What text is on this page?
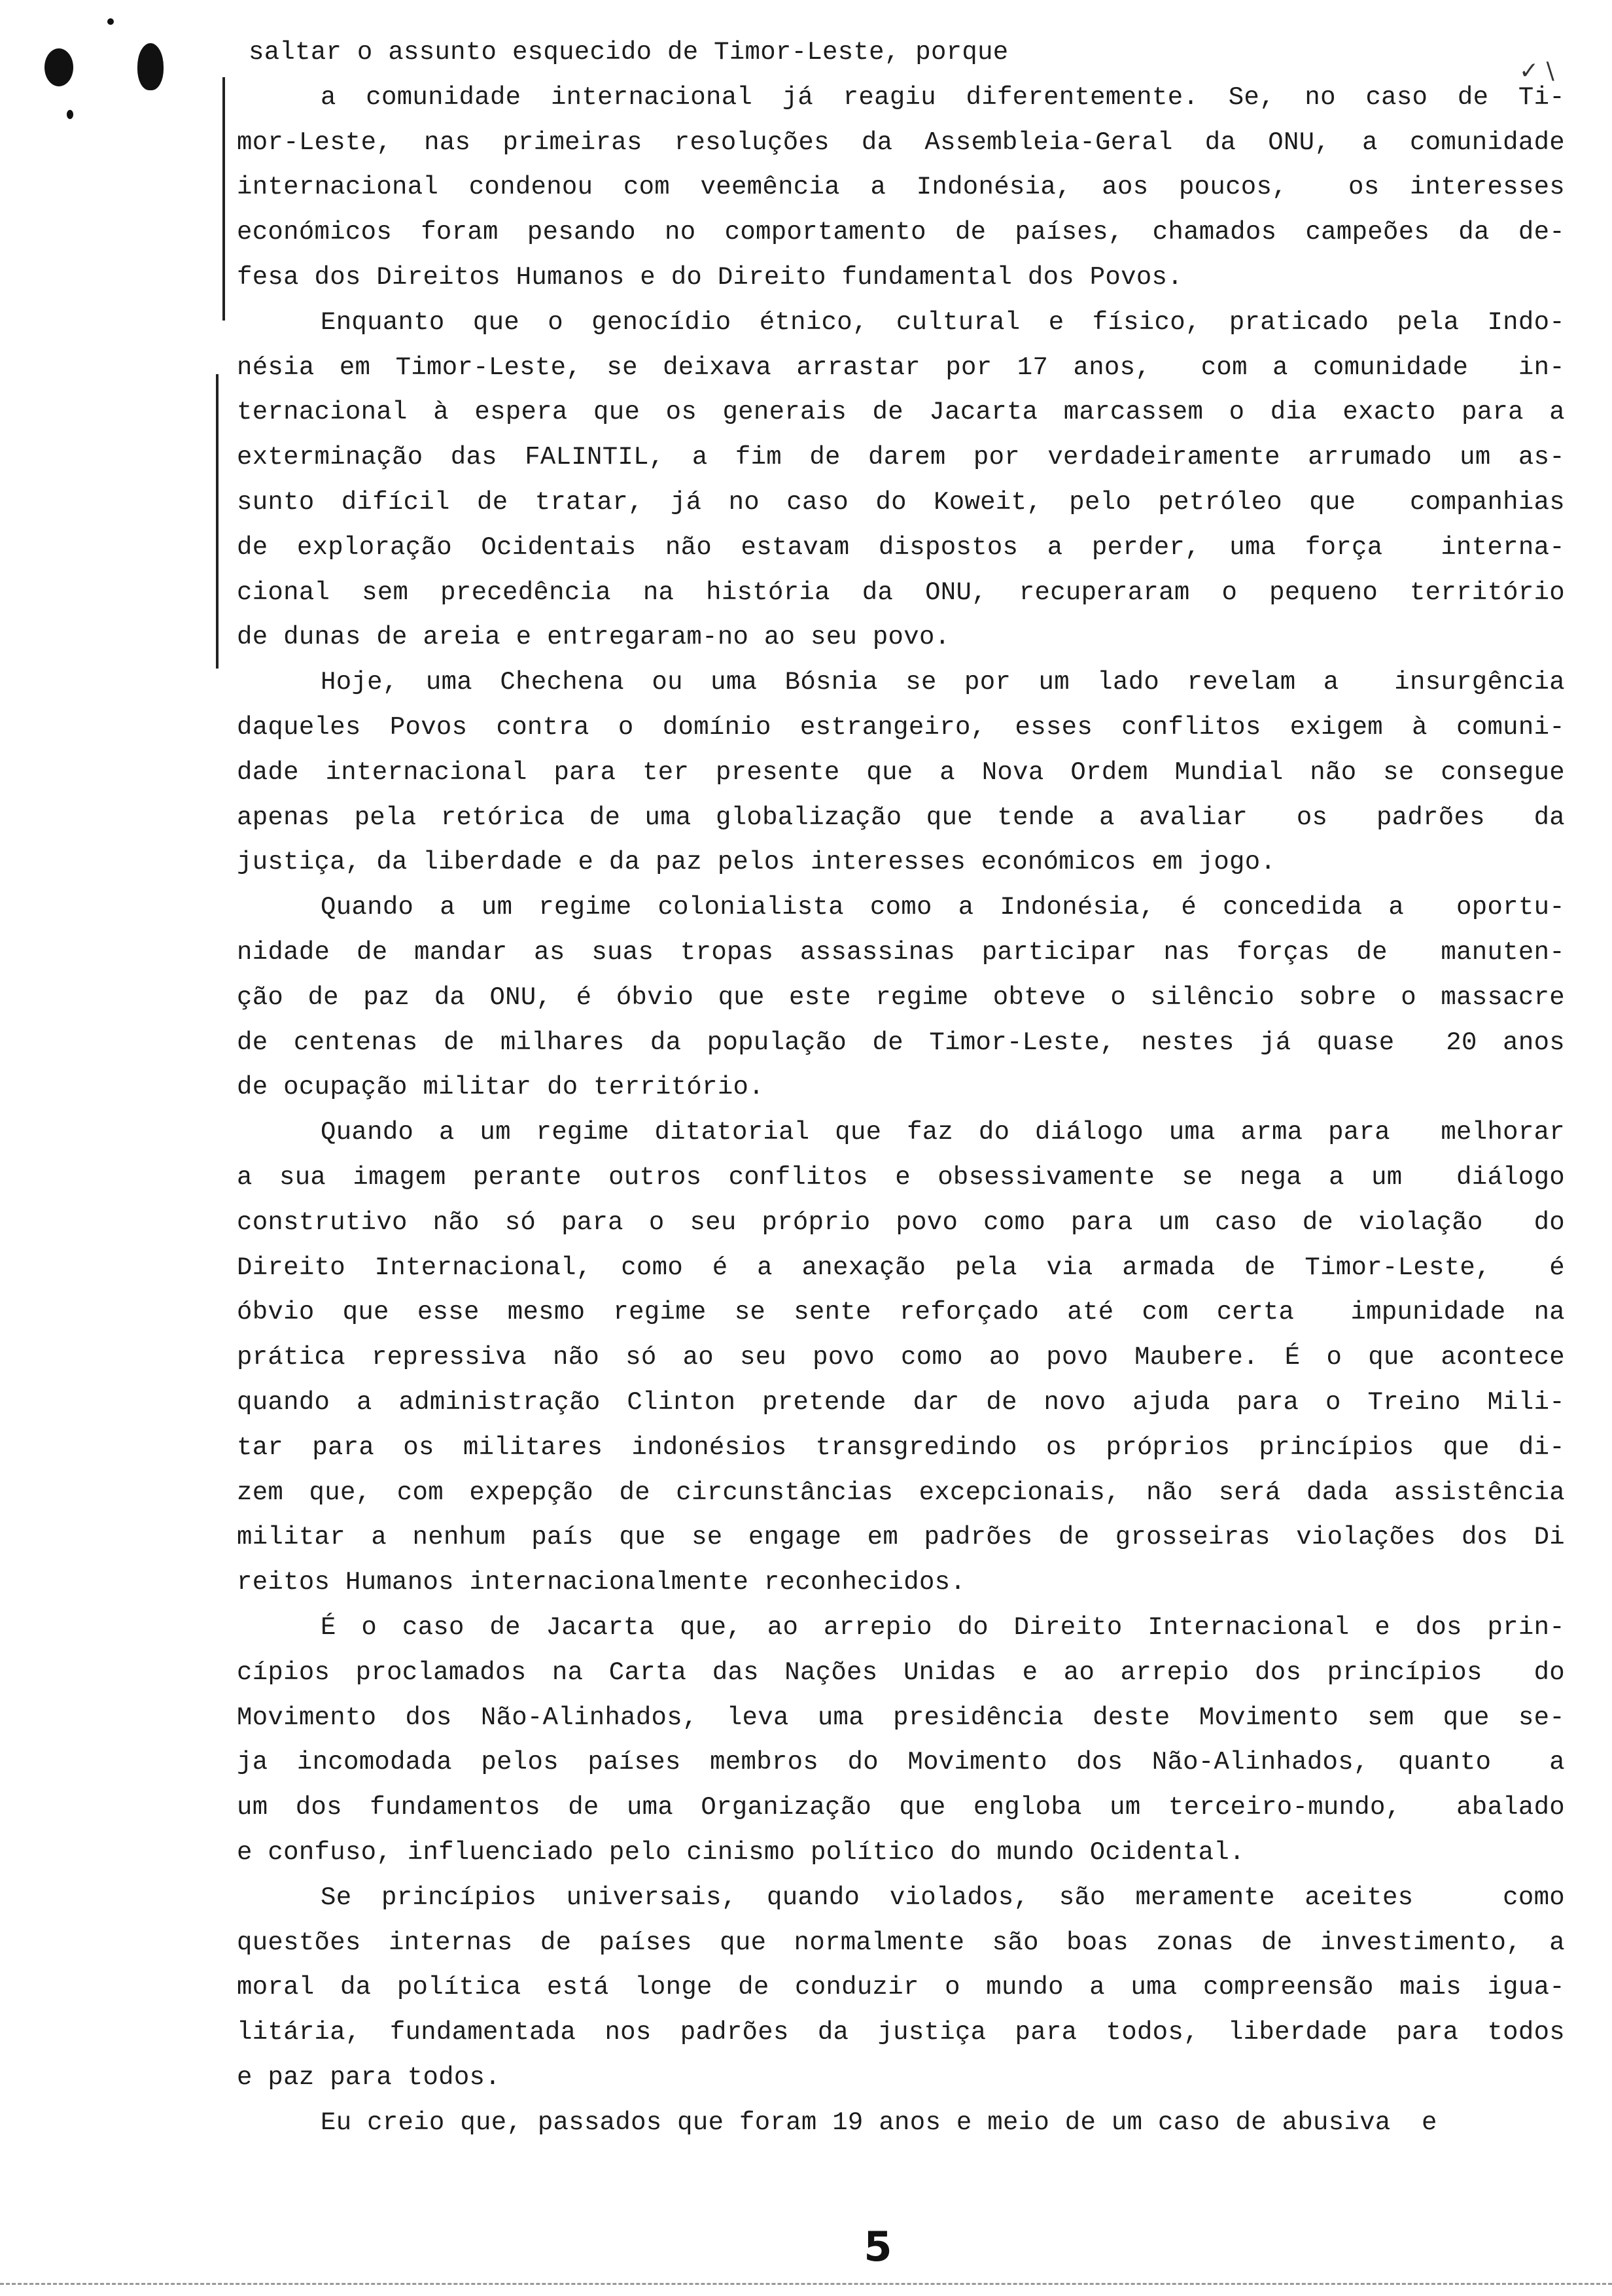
✓ \
saltar o assunto esquecido de Timor-Leste, porque
a comunidade internacional já reagiu diferentemente. Se, no caso de Ti-
mor-Leste, nas primeiras resoluções da Assembleia-Geral da ONU, a comunidade
internacional condenou com veemência a Indonésia, aos poucos,  os interesses
económicos foram pesando no comportamento de países, chamados campeões da de-
fesa dos Direitos Humanos e do Direito fundamental dos Povos.
Enquanto que o genocídio étnico, cultural e físico, praticado pela Indo-
nésia em Timor-Leste, se deixava arrastar por 17 anos,  com a comunidade  in-
ternacional à espera que os generais de Jacarta marcassem o dia exacto para a
exterminação das FALINTIL, a fim de darem por verdadeiramente arrumado um as-
sunto difícil de tratar, já no caso do Koweit, pelo petróleo que  companhias
de exploração Ocidentais não estavam dispostos a perder, uma força  interna-
cional sem precedência na história da ONU, recuperaram o pequeno território
de dunas de areia e entregaram-no ao seu povo.
Hoje, uma Chechena ou uma Bósnia se por um lado revelam a  insurgência
daqueles Povos contra o domínio estrangeiro, esses conflitos exigem à comuni-
dade internacional para ter presente que a Nova Ordem Mundial não se consegue
apenas pela retórica de uma globalização que tende a avaliar  os  padrões  da
justiça, da liberdade e da paz pelos interesses económicos em jogo.
Quando a um regime colonialista como a Indonésia, é concedida a  oportu-
nidade de mandar as suas tropas assassinas participar nas forças de  manuten-
ção de paz da ONU, é óbvio que este regime obteve o silêncio sobre o massacre
de centenas de milhares da população de Timor-Leste, nestes já quase  20 anos
de ocupação militar do território.
Quando a um regime ditatorial que faz do diálogo uma arma para  melhorar
a sua imagem perante outros conflitos e obsessivamente se nega a um  diálogo
construtivo não só para o seu próprio povo como para um caso de violação  do
Direito Internacional, como é a anexação pela via armada de Timor-Leste,  é
óbvio que esse mesmo regime se sente reforçado até com certa  impunidade na
prática repressiva não só ao seu povo como ao povo Maubere. É o que acontece
quando a administração Clinton pretende dar de novo ajuda para o Treino Mili-
tar para os militares indonésios transgredindo os próprios princípios que di-
zem que, com expepção de circunstâncias excepcionais, não será dada assistência
militar a nenhum país que se engage em padrões de grosseiras violações dos Di
reitos Humanos internacionalmente reconhecidos.
É o caso de Jacarta que, ao arrepio do Direito Internacional e dos prin-
cípios proclamados na Carta das Nações Unidas e ao arrepio dos princípios  do
Movimento dos Não-Alinhados, leva uma presidência deste Movimento sem que se-
ja incomodada pelos países membros do Movimento dos Não-Alinhados, quanto  a
um dos fundamentos de uma Organização que engloba um terceiro-mundo,  abalado
e confuso, influenciado pelo cinismo político do mundo Ocidental.
Se princípios universais, quando violados, são meramente aceites   como
questões internas de países que normalmente são boas zonas de investimento, a
moral da política está longe de conduzir o mundo a uma compreensão mais igua-
litária, fundamentada nos padrões da justiça para todos, liberdade para todos
e paz para todos.
Eu creio que, passados que foram 19 anos e meio de um caso de abusiva  e
5
